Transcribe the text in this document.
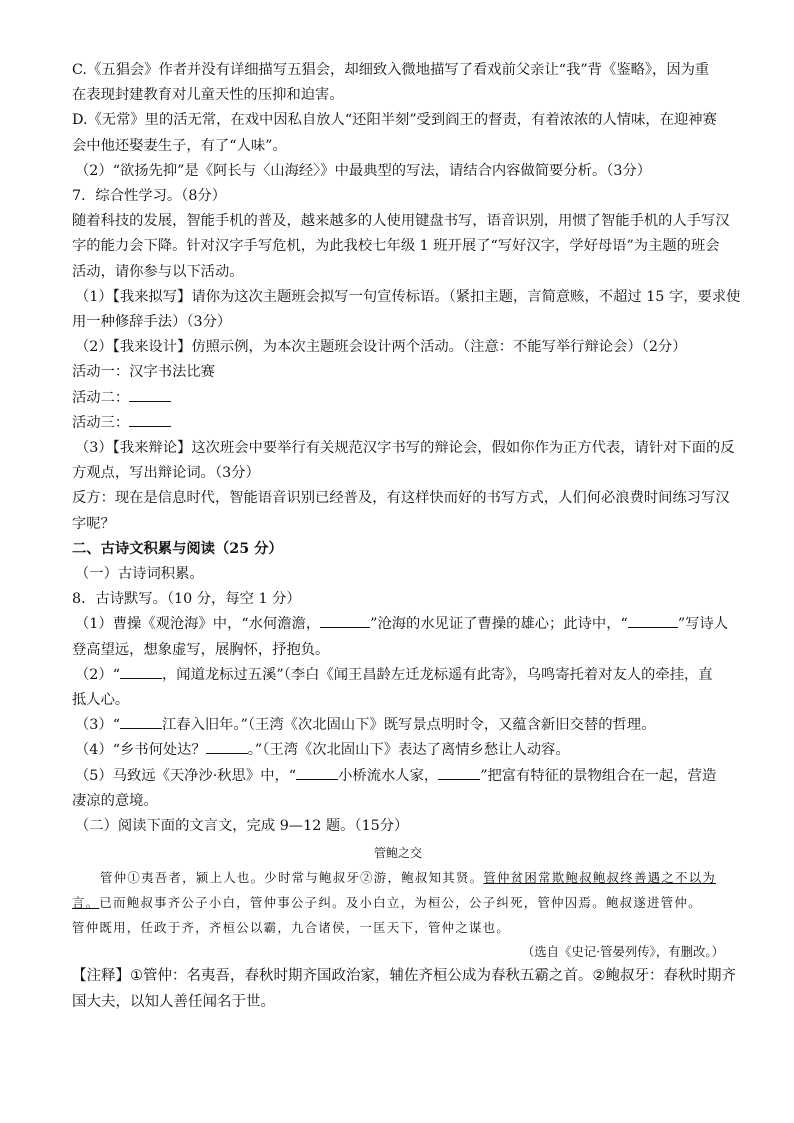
C.《五猖会》作者并没有详细描写五猖会，却细致入微地描写了看戏前父亲让“我”背《鉴略》，因为重

在表现封建教育对儿童天性的压抑和迫害。

D.《无常》里的活无常，在戏中因私自放人“还阳半刻”受到阎王的督责，有着浓浓的人情味，在迎神赛

会中他还娶妻生子，有了“人味”。

（2）“欲扬先抑”是《阿长与〈山海经〉》中最典型的写法，请结合内容做简要分析。（3分）

7．综合性学习。（8分）

随着科技的发展，智能手机的普及，越来越多的人使用键盘书写，语音识别，用惯了智能手机的人手写汉

字的能力会下降。针对汉字手写危机，为此我校七年级 1 班开展了“写好汉字，学好母语”为主题的班会

活动，请你参与以下活动。

（1）【我来拟写】请你为这次主题班会拟写一句宣传标语。（紧扣主题，言简意赅，不超过 15 字，要求使

用一种修辞手法）（3分）

（2）【我来设计】仿照示例，为本次主题班会设计两个活动。（注意：不能写举行辩论会）（2分）

活动一：汉字书法比赛

活动二：

活动三：

（3）【我来辩论】这次班会中要举行有关规范汉字书写的辩论会，假如你作为正方代表，请针对下面的反

方观点，写出辩论词。（3分）

反方：现在是信息时代，智能语音识别已经普及，有这样快而好的书写方式，人们何必浪费时间练习写汉

字呢？

二、古诗文积累与阅读（25 分）

（一）古诗词积累。

8．古诗默写。（10 分，每空 1 分）

（1）曹操《观沧海》中，“水何澹澹，	”沧海的水见证了曹操的雄心；此诗中，“	”写诗人

登高望远，想象虚写，展胸怀，抒抱负。

（2）“	，闻道龙标过五溪”（李白《闻王昌龄左迁龙标遥有此寄》，乌鸣寄托着对友人的牵挂，直

抵人心。

（3）“	江春入旧年。”（王湾《次北固山下》既写景点明时令，又蕴含新旧交替的哲理。

（4）“乡书何处达？	。”（王湾《次北固山下》表达了离情乡愁让人动容。

（5）马致远《天净沙·秋思》中，“	小桥流水人家，	”把富有特征的景物组合在一起，营造

凄凉的意境。

（二）阅读下面的文言文，完成 9—12 题。（15分）

管鲍之交

管仲①夷吾者，颍上人也。少时常与鲍叔牙②游，鲍叔知其贤。管仲贫困常欺鲍叔鲍叔终善遇之不以为

言。已而鲍叔事齐公子小白，管仲事公子纠。及小白立，为桓公，公子纠死，管仲囚焉。鲍叔遂进管仲。

管仲既用，任政于齐，齐桓公以霸，九合诸侯，一匡天下，管仲之谋也。

（选自《史记·管晏列传》，有删改。）

【注释】①管仲：名夷吾，春秋时期齐国政治家，辅佐齐桓公成为春秋五霸之首。②鲍叔牙：春秋时期齐

国大夫，以知人善任闻名于世。
